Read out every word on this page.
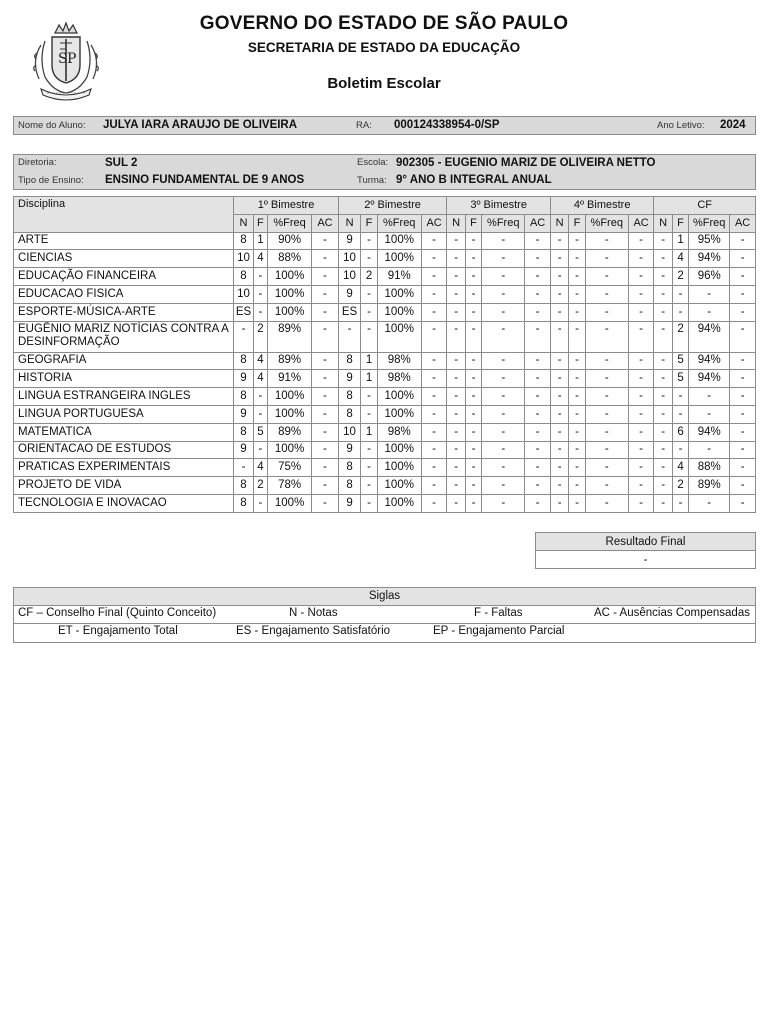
S P
GOVERNO DO ESTADO DE SÃO PAULO
SECRETARIA DE ESTADO DA EDUCAÇÃO
Boletim Escolar
Nome do Aluno: JULYA IARA ARAUJO DE OLIVEIRA	RA: 000124338954-0/SP	Ano Letivo: 2024
Diretoria:	SUL 2	Escola: 902305 - EUGENIO MARIZ DE OLIVEIRA NETTO
Tipo de Ensino: ENSINO FUNDAMENTAL DE 9 ANOS	Turma: 9° ANO B INTEGRAL ANUAL
Disciplina	1º Bimestre				2º Bimestre				3º Bimestre				4º Bimestre				CF			
	N	F	%Freq	AC	N	F	%Freq	AC	N	F	%Freq	AC	N	F	%Freq	AC	N	F	%Freq	AC
ARTE	8	1	90%	-	9	-	100%	-	-	-	-	-	-	-	-	-	-	1	95%	-
CIENCIAS	10	4	88%	-	10	-	100%	-	-	-	-	-	-	-	-	-	-	4	94%	-
EDUCAÇÃO FINANCEIRA	8	-	100%	-	10	2	91%	-	-	-	-	-	-	-	-	-	-	2	96%	-
EDUCACAO FISICA	10	-	100%	-	9	-	100%	-	-	-	-	-	-	-	-	-	-	-	-	-
ESPORTE-MÚSICA-ARTE	ES	-	100%	-	ES	-	100%	-	-	-	-	-	-	-	-	-	-	-	-	-
EUGÊNIO MARIZ NOTÍCIAS CONTRA A DESINFORMAÇÃO	-	2	89%	-	-	-	100%	-	-	-	-	-	-	-	-	-	-	2	94%	-
GEOGRAFIA	8	4	89%	-	8	1	98%	-	-	-	-	-	-	-	-	-	-	5	94%	-
HISTORIA	9	4	91%	-	9	1	98%	-	-	-	-	-	-	-	-	-	-	5	94%	-
LINGUA ESTRANGEIRA INGLES	8	-	100%	-	8	-	100%	-	-	-	-	-	-	-	-	-	-	-	-	-
LINGUA PORTUGUESA	9	-	100%	-	8	-	100%	-	-	-	-	-	-	-	-	-	-	-	-	-
MATEMATICA	8	5	89%	-	10	1	98%	-	-	-	-	-	-	-	-	-	-	6	94%	-
ORIENTACAO DE ESTUDOS	9	-	100%	-	9	-	100%	-	-	-	-	-	-	-	-	-	-	-	-	-
PRATICAS EXPERIMENTAIS	-	4	75%	-	8	-	100%	-	-	-	-	-	-	-	-	-	-	4	88%	-
PROJETO DE VIDA	8	2	78%	-	8	-	100%	-	-	-	-	-	-	-	-	-	-	2	89%	-
TECNOLOGIA E INOVACAO	8	-	100%	-	9	-	100%	-	-	-	-	-	-	-	-	-	-	-	-	-
Resultado Final
-
Siglas
CF – Conselho Final (Quinto Conceito)	N - Notas	F - Faltas	AC - Ausências Compensadas
ET - Engajamento Total	ES - Engajamento Satisfatório	EP - Engajamento Parcial
